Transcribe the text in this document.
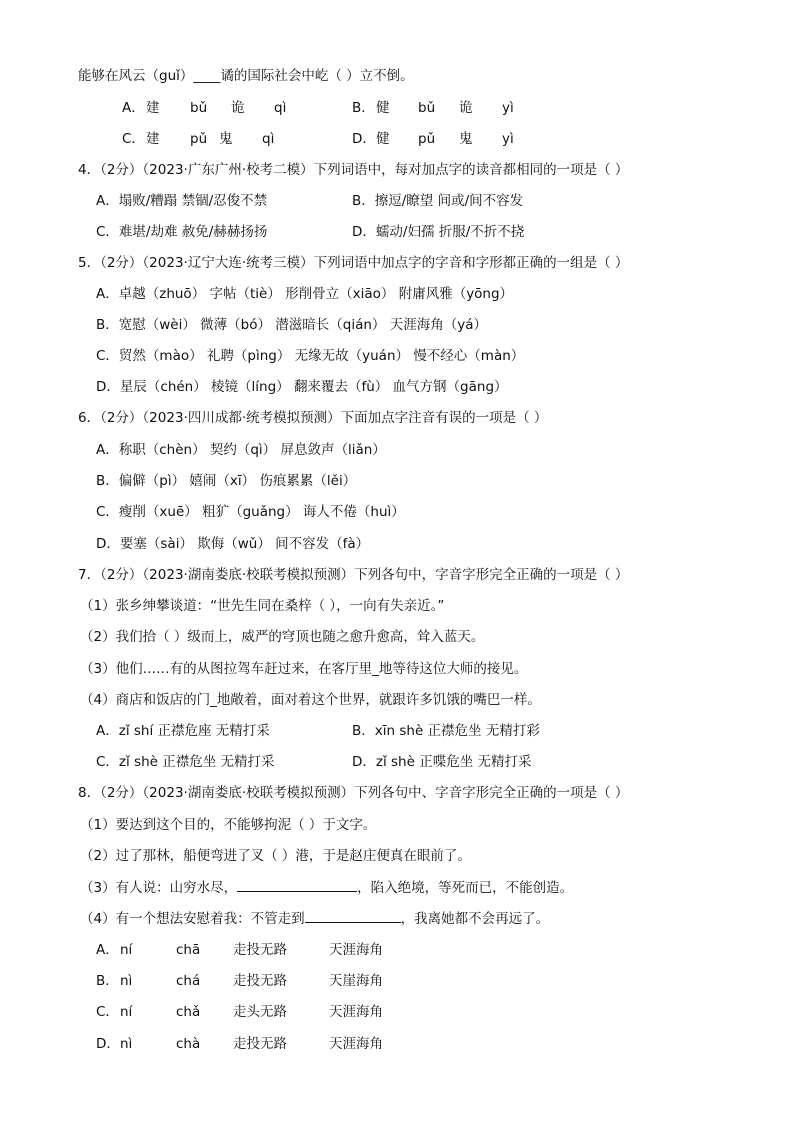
能够在风云（guǐ）____谲的国际社会中屹（ ）立不倒。
A． 建 bǔ 诡 qì	B． 健 bǔ 诡 yì
C． 建 pǔ 鬼 qì	D． 健 pǔ 鬼 yì
4．（2分）（2023·广东广州·校考二模）下列词语中，每对加点字的读音都相同的一项是（ ）
A．塌败/糟蹋 禁锢/忍俊不禁	B．擦逗/瞭望 间或/间不容发
C．难堪/劫难 赦免/赫赫扬扬	D．蠕动/妇孺 折服/不折不挠
5．（2分）（2023·辽宁大连·统考三模）下列词语中加点字的字音和字形都正确的一组是（ ）
A．卓越（zhuō） 字帖（tiè） 形削骨立（xiāo） 附庸风雅（yōng）
B．宽慰（wèi） 微薄（bó） 潜滋暗长（qián） 天涯海角（yá）
C．贸然（mào） 礼聘（pìng） 无缘无故（yuán） 慢不经心（màn）
D．星辰（chén） 棱镜（líng） 翻来覆去（fù） 血气方钢（gāng）
6．（2分）（2023·四川成都·统考模拟预测）下面加点字注音有误的一项是（ ）
A．称职（chèn） 契约（qì） 屏息敛声（liǎn）
B．偏僻（pì） 嬉闹（xī） 伤痕累累（lěi）
C．瘦削（xuē） 粗犷（guǎng） 诲人不倦（huì）
D．要塞（sài） 欺侮（wǔ） 间不容发（fà）
7．（2分）（2023·湖南娄底·校联考模拟预测）下列各句中，字音字形完全正确的一项是（ ）
（1）张乡绅攀谈道：“世先生同在桑梓（ ），一向有失亲近。”
（2）我们拾（ ）级而上，威严的穹顶也随之愈升愈高，耸入蓝天。
（3）他们……有的从图拉驾车赶过来，在客厅里_地等待这位大师的接见。
（4）商店和饭店的门_地敞着，面对着这个世界，就跟许多饥饿的嘴巴一样。
A．zǐ shí 正襟危座 无精打采	B．xīn shè 正襟危坐 无精打彩
C．zǐ shè 正襟危坐 无精打采	D．zǐ shè 正喋危坐 无精打采
8．（2分）（2023·湖南娄底·校联考模拟预测）下列各句中、字音字形完全正确的一项是（ ）
（1）要达到这个目的，不能够拘泥（ ）于文字。
（2）过了那林，船便弯进了叉（ ）港，于是赵庄便真在眼前了。
（3）有人说：山穷水尽，	，陷入绝境，等死而已，不能创造。
（4）有一个想法安慰着我：不管走到	，我离她都不会再远了。
A． ní	chā 走投无路	天涯海角
B． nì	chá 走投无路	天崖海角
C． ní	chǎ 走头无路	天涯海角
D． nì	chà 走投无路	天涯海角
